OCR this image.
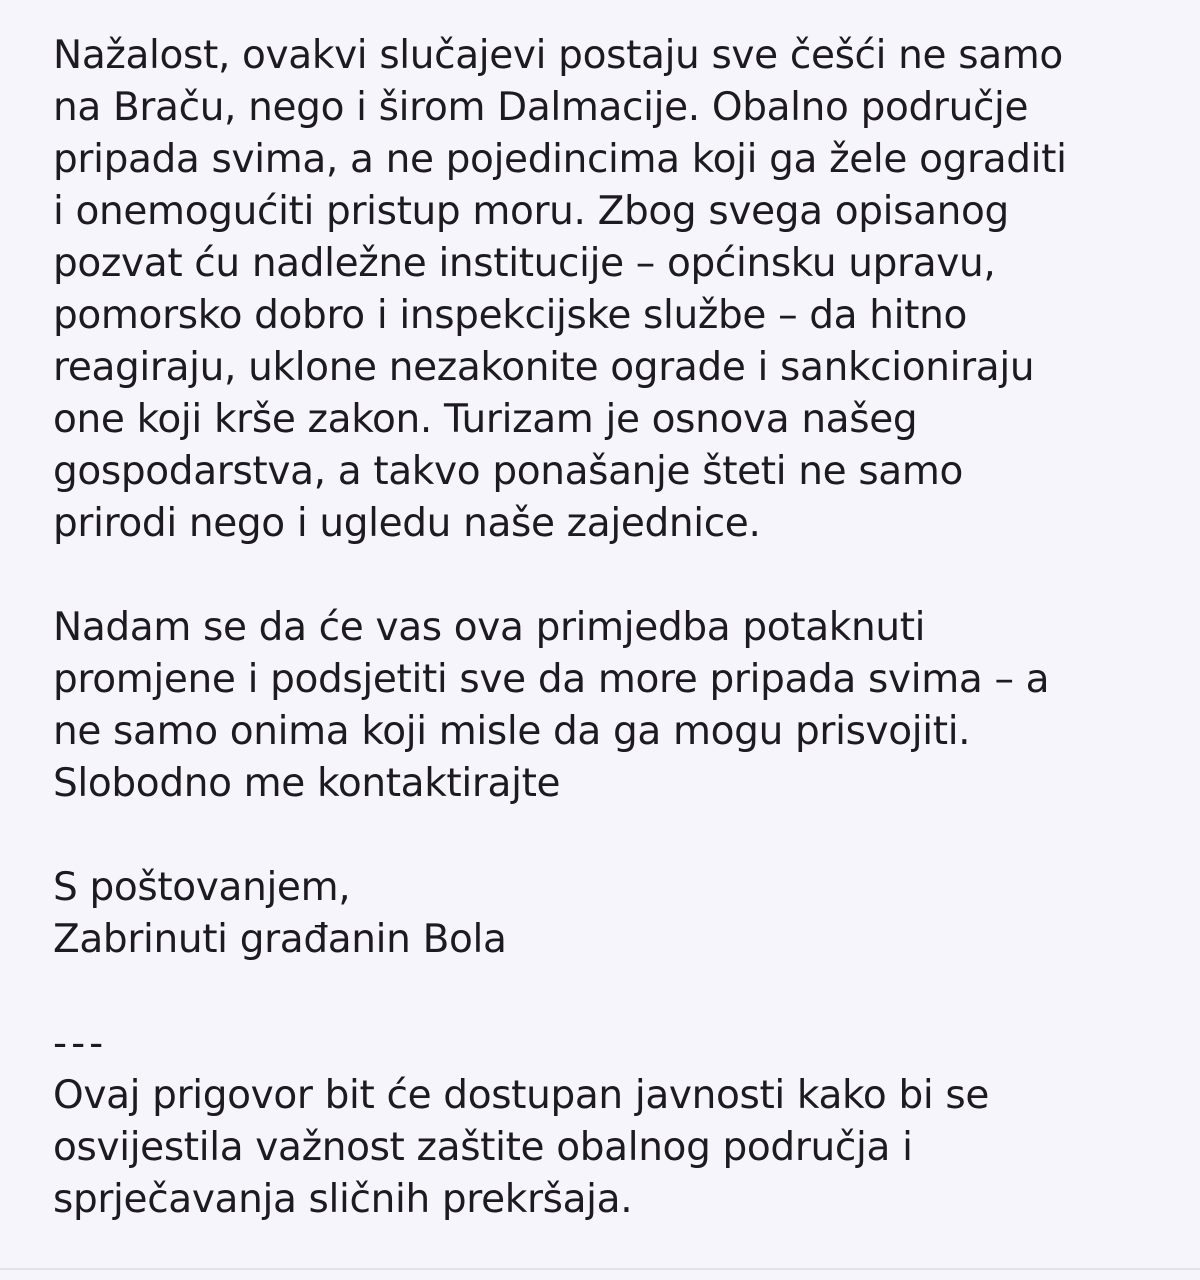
Nažalost, ovakvi slučajevi postaju sve češći ne samo
na Braču, nego i širom Dalmacije. Obalno područje
pripada svima, a ne pojedincima koji ga žele ograditi
i onemogućiti pristup moru. Zbog svega opisanog
pozvat ću nadležne institucije – općinsku upravu,
pomorsko dobro i inspekcijske službe – da hitno
reagiraju, uklone nezakonite ograde i sankcioniraju
one koji krše zakon. Turizam je osnova našeg
gospodarstva, a takvo ponašanje šteti ne samo
prirodi nego i ugledu naše zajednice.

Nadam se da će vas ova primjedba potaknuti
promjene i podsjetiti sve da more pripada svima – a
ne samo onima koji misle da ga mogu prisvojiti.
Slobodno me kontaktirajte

S poštovanjem,

Zabrinuti građanin Bola

---

Ovaj prigovor bit će dostupan javnosti kako bi se
osvijestila važnost zaštite obalnog područja i
sprječavanja sličnih prekršaja.
